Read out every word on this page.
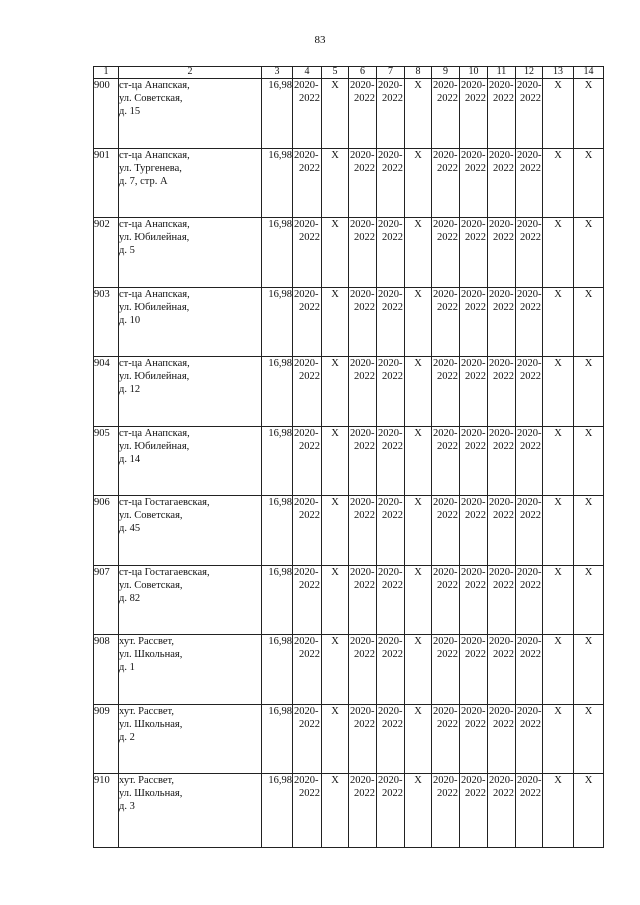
83
1	2	3	4	5	6	7	8	9	10	11	12	13	14
900	ст-ца Анапская,
ул. Советская,
д. 15	16,98	2020-
2022	Х	2020-
2022	2020-
2022	Х	2020-
2022	2020-
2022	2020-
2022	2020-
2022	Х	Х
901	ст-ца Анапская,
ул. Тургенева,
д. 7, стр. А	16,98	2020-
2022	Х	2020-
2022	2020-
2022	Х	2020-
2022	2020-
2022	2020-
2022	2020-
2022	Х	Х
902	ст-ца Анапская,
ул. Юбилейная,
д. 5	16,98	2020-
2022	Х	2020-
2022	2020-
2022	Х	2020-
2022	2020-
2022	2020-
2022	2020-
2022	Х	Х
903	ст-ца Анапская,
ул. Юбилейная,
д. 10	16,98	2020-
2022	Х	2020-
2022	2020-
2022	Х	2020-
2022	2020-
2022	2020-
2022	2020-
2022	Х	Х
904	ст-ца Анапская,
ул. Юбилейная,
д. 12	16,98	2020-
2022	Х	2020-
2022	2020-
2022	Х	2020-
2022	2020-
2022	2020-
2022	2020-
2022	Х	Х
905	ст-ца Анапская,
ул. Юбилейная,
д. 14	16,98	2020-
2022	Х	2020-
2022	2020-
2022	Х	2020-
2022	2020-
2022	2020-
2022	2020-
2022	Х	Х
906	ст-ца Гостагаевская,
ул. Советская,
д. 45	16,98	2020-
2022	Х	2020-
2022	2020-
2022	Х	2020-
2022	2020-
2022	2020-
2022	2020-
2022	Х	Х
907	ст-ца Гостагаевская,
ул. Советская,
д. 82	16,98	2020-
2022	Х	2020-
2022	2020-
2022	Х	2020-
2022	2020-
2022	2020-
2022	2020-
2022	Х	Х
908	хут. Рассвет,
ул. Школьная,
д. 1	16,98	2020-
2022	Х	2020-
2022	2020-
2022	Х	2020-
2022	2020-
2022	2020-
2022	2020-
2022	Х	Х
909	хут. Рассвет,
ул. Школьная,
д. 2	16,98	2020-
2022	Х	2020-
2022	2020-
2022	Х	2020-
2022	2020-
2022	2020-
2022	2020-
2022	Х	Х
910	хут. Рассвет,
ул. Школьная,
д. 3	16,98	2020-
2022	Х	2020-
2022	2020-
2022	Х	2020-
2022	2020-
2022	2020-
2022	2020-
2022	Х	Х
